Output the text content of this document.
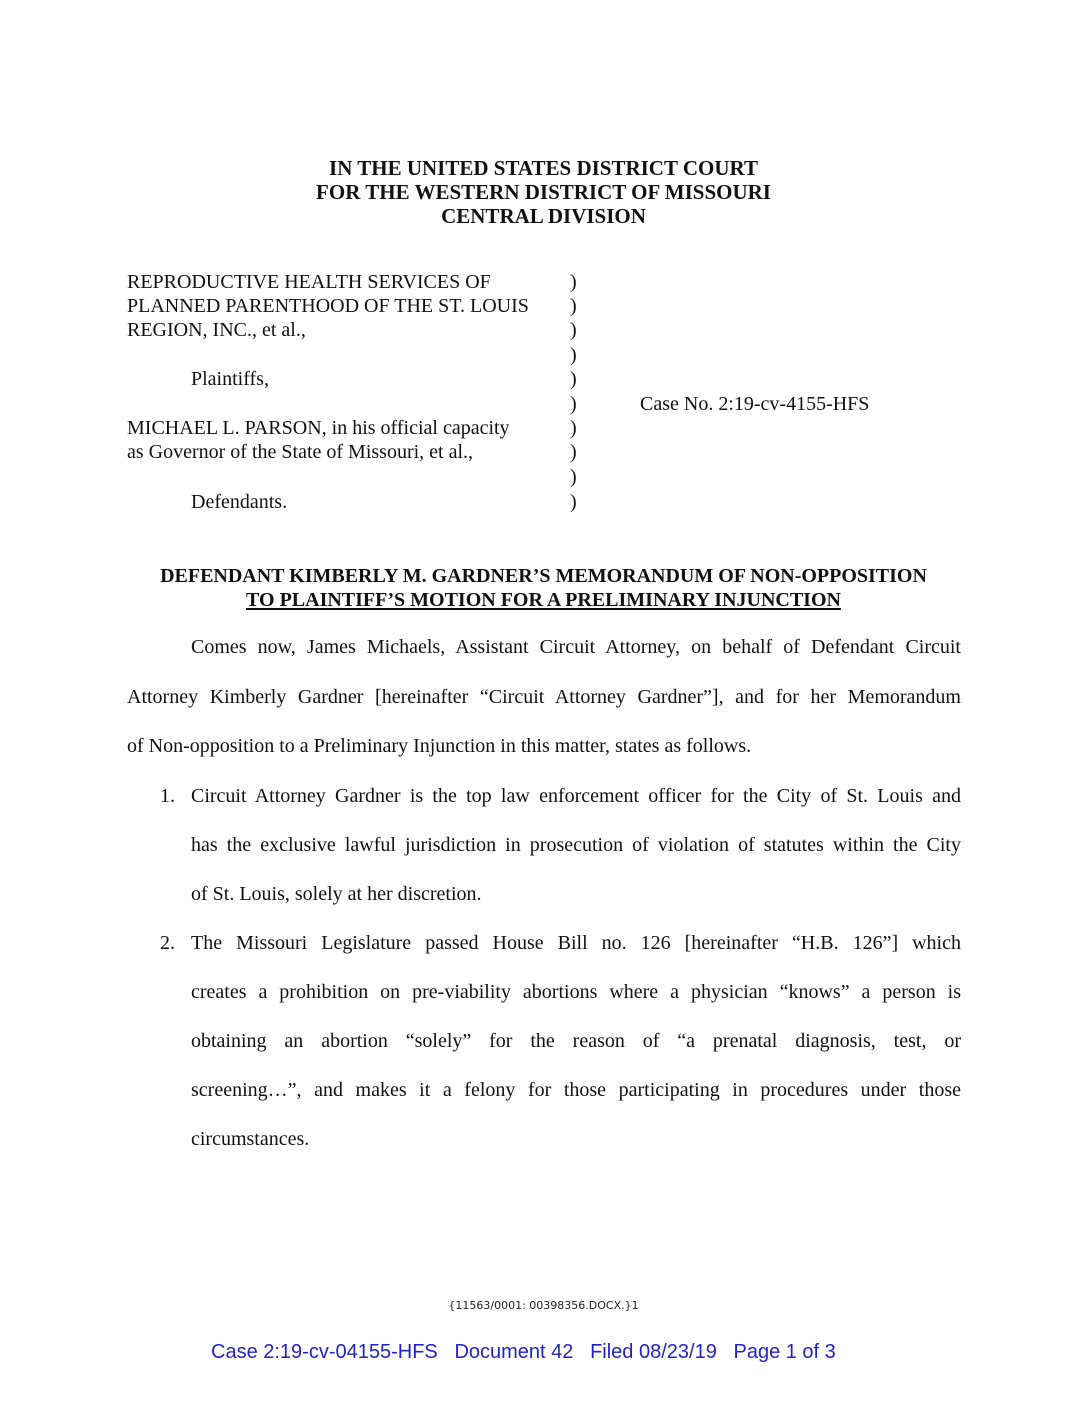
IN THE UNITED STATES DISTRICT COURT
FOR THE WESTERN DISTRICT OF MISSOURI
CENTRAL DIVISION
REPRODUCTIVE HEALTH SERVICES OF
PLANNED PARENTHOOD OF THE ST. LOUIS
REGION, INC., et al.,
Plaintiffs,
MICHAEL L. PARSON, in his official capacity
as Governor of the State of Missouri, et al.,
Defendants.
)
)
)
)
)
)
)
)
)
)
Case No. 2:19-cv-4155-HFS
DEFENDANT KIMBERLY M. GARDNER’S MEMORANDUM OF NON-OPPOSITION
TO PLAINTIFF’S MOTION FOR A PRELIMINARY INJUNCTION
Comes now, James Michaels, Assistant Circuit Attorney, on behalf of Defendant Circuit
Attorney Kimberly Gardner [hereinafter “Circuit Attorney Gardner”], and for her Memorandum
of Non-opposition to a Preliminary Injunction in this matter, states as follows.
1. Circuit Attorney Gardner is the top law enforcement officer for the City of St. Louis and
has the exclusive lawful jurisdiction in prosecution of violation of statutes within the City
of St. Louis, solely at her discretion.
2. The Missouri Legislature passed House Bill no. 126 [hereinafter “H.B. 126”] which
creates a prohibition on pre-viability abortions where a physician “knows” a person is
obtaining an abortion “solely” for the reason of “a prenatal diagnosis, test, or
screening…”, and makes it a felony for those participating in procedures under those
circumstances.
{11563/0001: 00398356.DOCX.}1
Case 2:19-cv-04155-HFS   Document 42   Filed 08/23/19   Page 1 of 3
